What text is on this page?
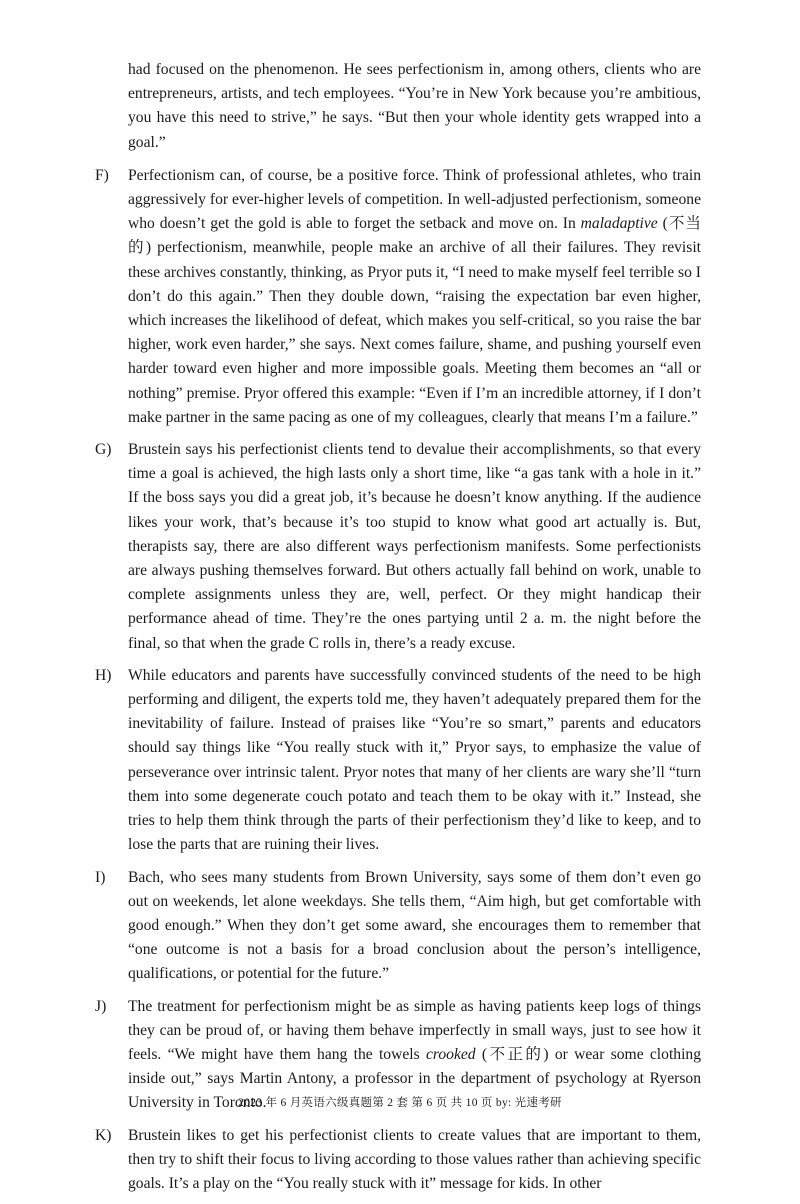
had focused on the phenomenon. He sees perfectionism in, among others, clients who are entrepreneurs, artists, and tech employees. “You’re in New York because you’re ambitious, you have this need to strive,” he says. “But then your whole identity gets wrapped into a goal.”
F) Perfectionism can, of course, be a positive force. Think of professional athletes, who train aggressively for ever-higher levels of competition. In well-adjusted perfectionism, someone who doesn’t get the gold is able to forget the setback and move on. In maladaptive (不当的) perfectionism, meanwhile, people make an archive of all their failures. They revisit these archives constantly, thinking, as Pryor puts it, “I need to make myself feel terrible so I don’t do this again.” Then they double down, “raising the expectation bar even higher, which increases the likelihood of defeat, which makes you self-critical, so you raise the bar higher, work even harder,” she says. Next comes failure, shame, and pushing yourself even harder toward even higher and more impossible goals. Meeting them becomes an “all or nothing” premise. Pryor offered this example: “Even if I’m an incredible attorney, if I don’t make partner in the same pacing as one of my colleagues, clearly that means I’m a failure.”
G) Brustein says his perfectionist clients tend to devalue their accomplishments, so that every time a goal is achieved, the high lasts only a short time, like “a gas tank with a hole in it.” If the boss says you did a great job, it’s because he doesn’t know anything. If the audience likes your work, that’s because it’s too stupid to know what good art actually is. But, therapists say, there are also different ways perfectionism manifests. Some perfectionists are always pushing themselves forward. But others actually fall behind on work, unable to complete assignments unless they are, well, perfect. Or they might handicap their performance ahead of time. They’re the ones partying until 2 a. m. the night before the final, so that when the grade C rolls in, there’s a ready excuse.
H) While educators and parents have successfully convinced students of the need to be high performing and diligent, the experts told me, they haven’t adequately prepared them for the inevitability of failure. Instead of praises like “You’re so smart,” parents and educators should say things like “You really stuck with it,” Pryor says, to emphasize the value of perseverance over intrinsic talent. Pryor notes that many of her clients are wary she’ll “turn them into some degenerate couch potato and teach them to be okay with it.” Instead, she tries to help them think through the parts of their perfectionism they’d like to keep, and to lose the parts that are ruining their lives.
I) Bach, who sees many students from Brown University, says some of them don’t even go out on weekends, let alone weekdays. She tells them, “Aim high, but get comfortable with good enough.” When they don’t get some award, she encourages them to remember that “one outcome is not a basis for a broad conclusion about the person’s intelligence, qualifications, or potential for the future.”
J) The treatment for perfectionism might be as simple as having patients keep logs of things they can be proud of, or having them behave imperfectly in small ways, just to see how it feels. “We might have them hang the towels crooked (不正的) or wear some clothing inside out,” says Martin Antony, a professor in the department of psychology at Ryerson University in Toronto.
K) Brustein likes to get his perfectionist clients to create values that are important to them, then try to shift their focus to living according to those values rather than achieving specific goals. It’s a play on the “You really stuck with it” message for kids. In other
2023 年 6 月英语六级真题第 2 套 第 6 页 共 10 页 by: 光速考研
